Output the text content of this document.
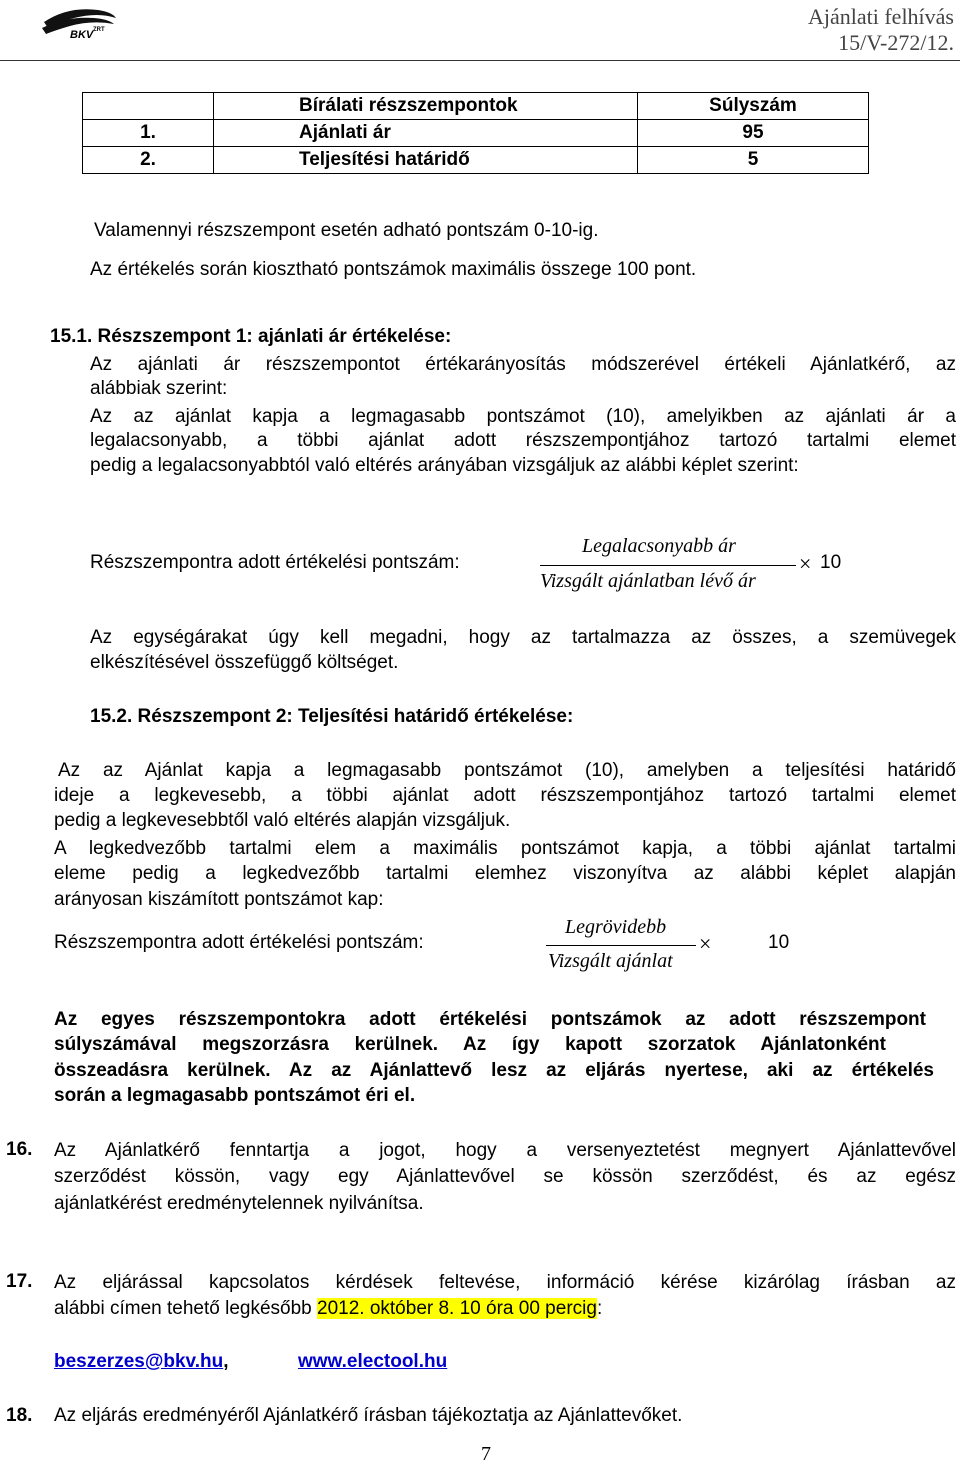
BKV ZRT
Ajánlati felhívás
15/V-272/12.
	Bírálati részszempontok	Súlyszám
1.	Ajánlati ár	95
2.	Teljesítési határidő	5
Valamennyi részszempont esetén adható pontszám 0-10-ig.
Az értékelés során kiosztható pontszámok maximális összege 100 pont.
15.1. Részszempont 1: ajánlati ár értékelése:
Az ajánlati ár részszempontot értékarányosítás módszerével értékeli Ajánlatkérő, az
alábbiak szerint:
Az az ajánlat kapja a legmagasabb pontszámot (10), amelyikben az ajánlati ár a
legalacsonyabb, a többi ajánlat adott részszempontjához tartozó tartalmi elemet
pedig a legalacsonyabbtól való eltérés arányában vizsgáljuk az alábbi képlet szerint:
Részszempontra adott értékelési pontszám:
Legalacsonyabb ár
Vizsgált ajánlatban lévő ár
× 10
Az egységárakat úgy kell megadni, hogy az tartalmazza az összes, a szemüvegek
elkészítésével összefüggő költséget.
15.2. Részszempont 2: Teljesítési határidő értékelése:
Az az Ajánlat kapja a legmagasabb pontszámot (10), amelyben a teljesítési határidő
ideje a legkevesebb, a többi ajánlat adott részszempontjához tartozó tartalmi elemet
pedig a legkevesebbtől való eltérés alapján vizsgáljuk.
A legkedvezőbb tartalmi elem a maximális pontszámot kapja, a többi ajánlat tartalmi
eleme pedig a legkedvezőbb tartalmi elemhez viszonyítva az alábbi képlet alapján
arányosan kiszámított pontszámot kap:
Részszempontra adott értékelési pontszám:
Legrövidebb
Vizsgált ajánlat
×	10
Az egyes részszempontokra adott értékelési pontszámok az adott részszempont
súlyszámával megszorzásra kerülnek. Az így kapott szorzatok Ajánlatonként
összeadásra kerülnek. Az az Ajánlattevő lesz az eljárás nyertese, aki az értékelés
során a legmagasabb pontszámot éri el.
16. Az Ajánlatkérő fenntartja a jogot, hogy a versenyeztetést megnyert Ajánlattevővel
szerződést kössön, vagy egy Ajánlattevővel se kössön szerződést, és az egész
ajánlatkérést eredménytelennek nyilvánítsa.
17. Az eljárással kapcsolatos kérdések feltevése, információ kérése kizárólag írásban az
alábbi címen tehető legkésőbb 2012. október 8. 10 óra 00 percig:
beszerzes@bkv.hu,	www.electool.hu
18. Az eljárás eredményéről Ajánlatkérő írásban tájékoztatja az Ajánlattevőket.
7
